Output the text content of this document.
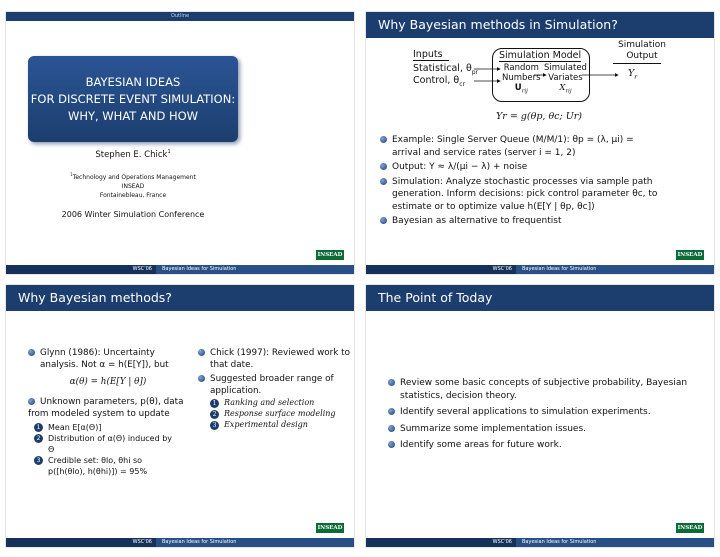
Outline
BAYESIAN IDEAS
FOR DISCRETE EVENT SIMULATION:
WHY, WHAT AND HOW
Stephen E. Chick$^1$
$^1$Technology and Operations Management
INSEAD
Fontainebleau, France
2006 Winter Simulation Conference
INSEAD
WSC'06	Bayesian Ideas for Simulation
Why Bayesian methods in Simulation?
Inputs
Statistical, $\theta_{pr}$
Control, $\theta_{cr}$
Simulation Model
Random
Numbers
$U_{rij}$
Simulated
Variates
$X_{rij}$
Simulation
Output
$Y_r$
Yr = g(θp, θc; Ur)
Example: Single Server Queue (M/M/1): θp = (λ, μi) =
arrival and service rates (server i = 1, 2)
Output: Y ≈ λ/(μi − λ) + noise
Simulation: Analyze stochastic processes via sample path
generation. Inform decisions: pick control parameter θc, to
estimate or to optimize value h(E[Y | θp, θc])
Bayesian as alternative to frequentist
INSEAD
WSC'06	Bayesian Ideas for Simulation
Why Bayesian methods?
Glynn (1986): Uncertainty
analysis. Not α = h(E[Y]), but
α(θ) = h(E[Y | θ])
Unknown parameters, p(θ), data
from modeled system to update
1 Mean E[α(Θ)]
2 Distribution of α(Θ) induced by
Θ
3 Credible set: θlo, θhi so
p([h(θlo), h(θhi)]) = 95%
Chick (1997): Reviewed work to
that date.
Suggested broader range of
application.
1 Ranking and selection
2 Response surface modeling
3 Experimental design
INSEAD
WSC'06	Bayesian Ideas for Simulation
The Point of Today
Review some basic concepts of subjective probability, Bayesian
statistics, decision theory.
Identify several applications to simulation experiments.
Summarize some implementation issues.
Identify some areas for future work.
INSEAD
WSC'06	Bayesian Ideas for Simulation
